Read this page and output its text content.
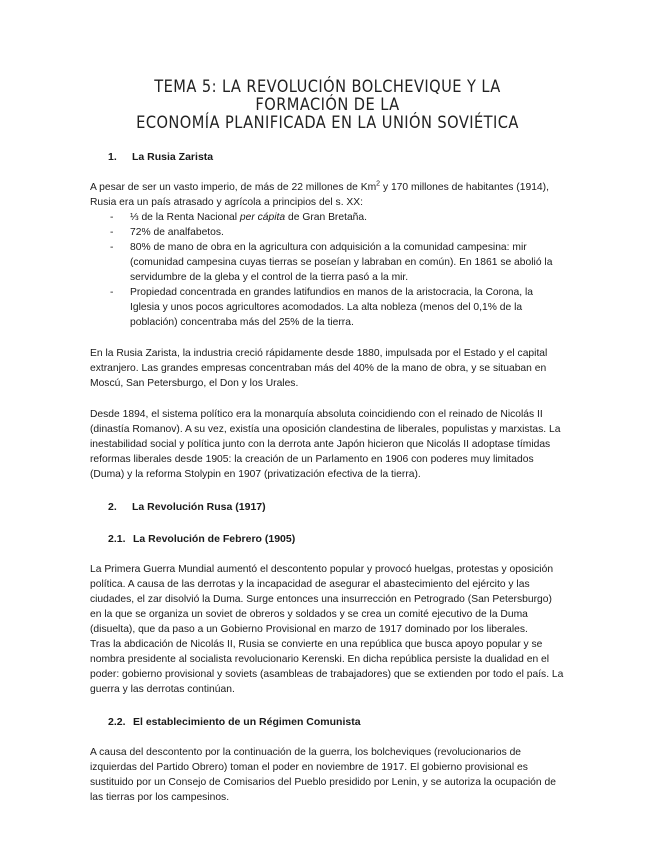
TEMA 5: LA REVOLUCIÓN BOLCHEVIQUE Y LA FORMACIÓN DE LA
ECONOMÍA PLANIFICADA EN LA UNIÓN SOVIÉTICA
1. La Rusia Zarista

A pesar de ser un vasto imperio, de más de 22 millones de Km$^2$ y 170 millones de habitantes (1914), Rusia era un país atrasado y agrícola a principios del s. XX:

- ⅓ de la Renta Nacional per cápita de Gran Bretaña.
- 72% de analfabetos.
- 80% de mano de obra en la agricultura con adquisición a la comunidad campesina: mir (comunidad campesina cuyas tierras se poseían y labraban en común). En 1861 se abolió la servidumbre de la gleba y el control de la tierra pasó a la mir.
- Propiedad concentrada en grandes latifundios en manos de la aristocracia, la Corona, la Iglesia y unos pocos agricultores acomodados. La alta nobleza (menos del 0,1% de la población) concentraba más del 25% de la tierra.

En la Rusia Zarista, la industria creció rápidamente desde 1880, impulsada por el Estado y el capital extranjero. Las grandes empresas concentraban más del 40% de la mano de obra, y se situaban en Moscú, San Petersburgo, el Don y los Urales.

Desde 1894, el sistema político era la monarquía absoluta coincidiendo con el reinado de Nicolás II (dinastía Romanov). A su vez, existía una oposición clandestina de liberales, populistas y marxistas. La inestabilidad social y política junto con la derrota ante Japón hicieron que Nicolás II adoptase tímidas reformas liberales desde 1905: la creación de un Parlamento en 1906 con poderes muy limitados (Duma) y la reforma Stolypin en 1907 (privatización efectiva de la tierra).

2. La Revolución Rusa (1917)
2.1. La Revolución de Febrero (1905)

La Primera Guerra Mundial aumentó el descontento popular y provocó huelgas, protestas y oposición política. A causa de las derrotas y la incapacidad de asegurar el abastecimiento del ejército y las ciudades, el zar disolvió la Duma. Surge entonces una insurrección en Petrogrado (San Petersburgo) en la que se organiza un soviet de obreros y soldados y se crea un comité ejecutivo de la Duma (disuelta), que da paso a un Gobierno Provisional en marzo de 1917 dominado por los liberales.

Tras la abdicación de Nicolás II, Rusia se convierte en una república que busca apoyo popular y se nombra presidente al socialista revolucionario Kerenski. En dicha república persiste la dualidad en el poder: gobierno provisional y soviets (asambleas de trabajadores) que se extienden por todo el país. La guerra y las derrotas continúan.

2.2. El establecimiento de un Régimen Comunista

A causa del descontento por la continuación de la guerra, los bolcheviques (revolucionarios de izquierdas del Partido Obrero) toman el poder en noviembre de 1917. El gobierno provisional es sustituido por un Consejo de Comisarios del Pueblo presidido por Lenin, y se autoriza la ocupación de las tierras por los campesinos.
